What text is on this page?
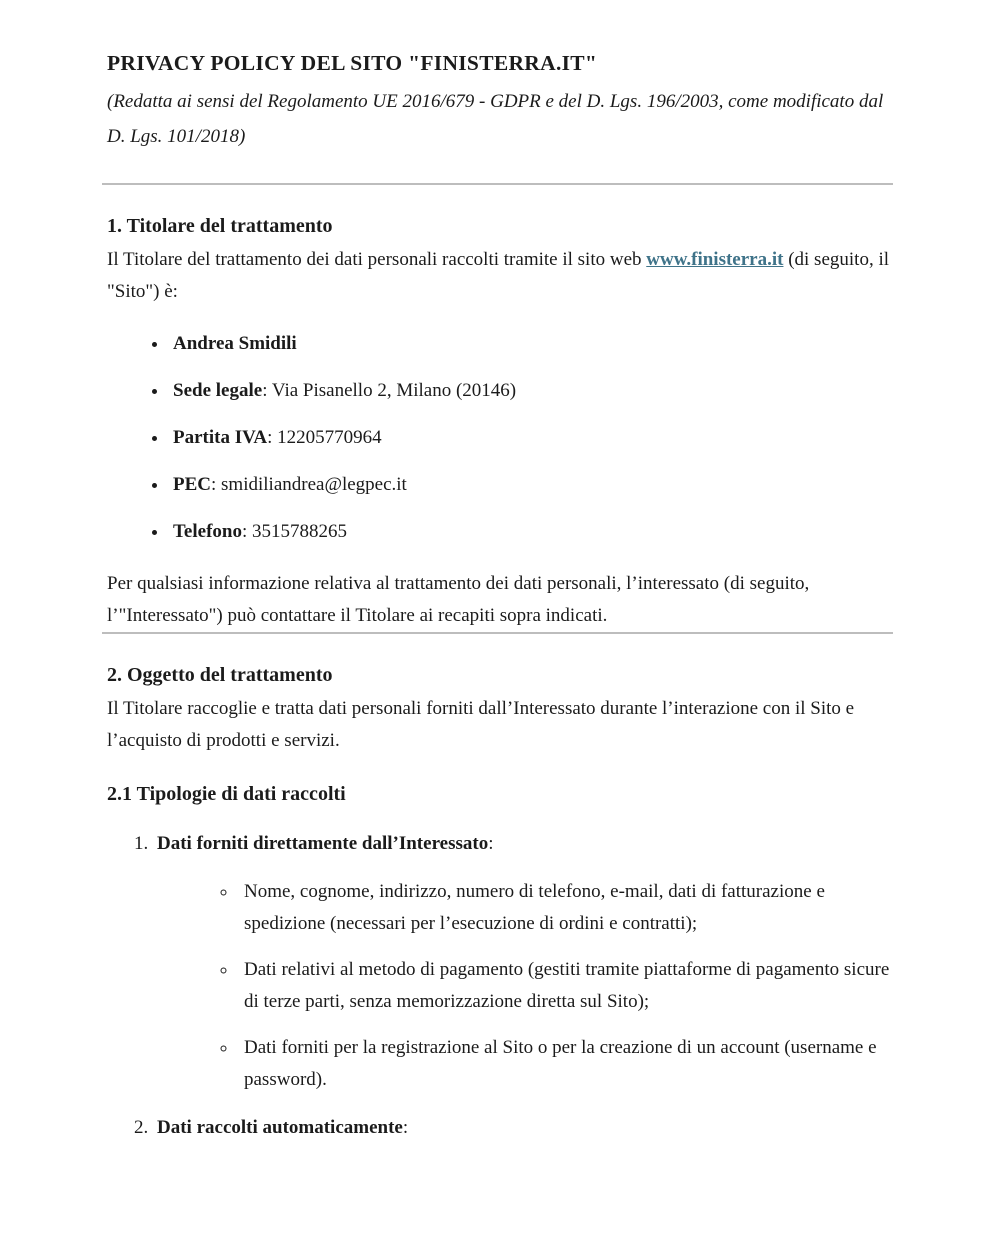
PRIVACY POLICY DEL SITO "FINISTERRA.IT"

(Redatta ai sensi del Regolamento UE 2016/679 - GDPR e del D. Lgs. 196/2003, come modificato dal D. Lgs. 101/2018)

1. Titolare del trattamento

Il Titolare del trattamento dei dati personali raccolti tramite il sito web www.finisterra.it (di seguito, il "Sito") è:

• Andrea Smidili
• Sede legale: Via Pisanello 2, Milano (20146)
• Partita IVA: 12205770964
• PEC: smidiliandrea@legpec.it
• Telefono: 3515788265

Per qualsiasi informazione relativa al trattamento dei dati personali, l’interessato (di seguito, l’"Interessato") può contattare il Titolare ai recapiti sopra indicati.

2. Oggetto del trattamento

Il Titolare raccoglie e tratta dati personali forniti dall’Interessato durante l’interazione con il Sito e l’acquisto di prodotti e servizi.

2.1 Tipologie di dati raccolti
1. Dati forniti direttamente dall’Interessato:
◦ Nome, cognome, indirizzo, numero di telefono, e-mail, dati di fatturazione e spedizione (necessari per l’esecuzione di ordini e contratti);
◦ Dati relativi al metodo di pagamento (gestiti tramite piattaforme di pagamento sicure di terze parti, senza memorizzazione diretta sul Sito);
◦ Dati forniti per la registrazione al Sito o per la creazione di un account (username e password).
2. Dati raccolti automaticamente:
